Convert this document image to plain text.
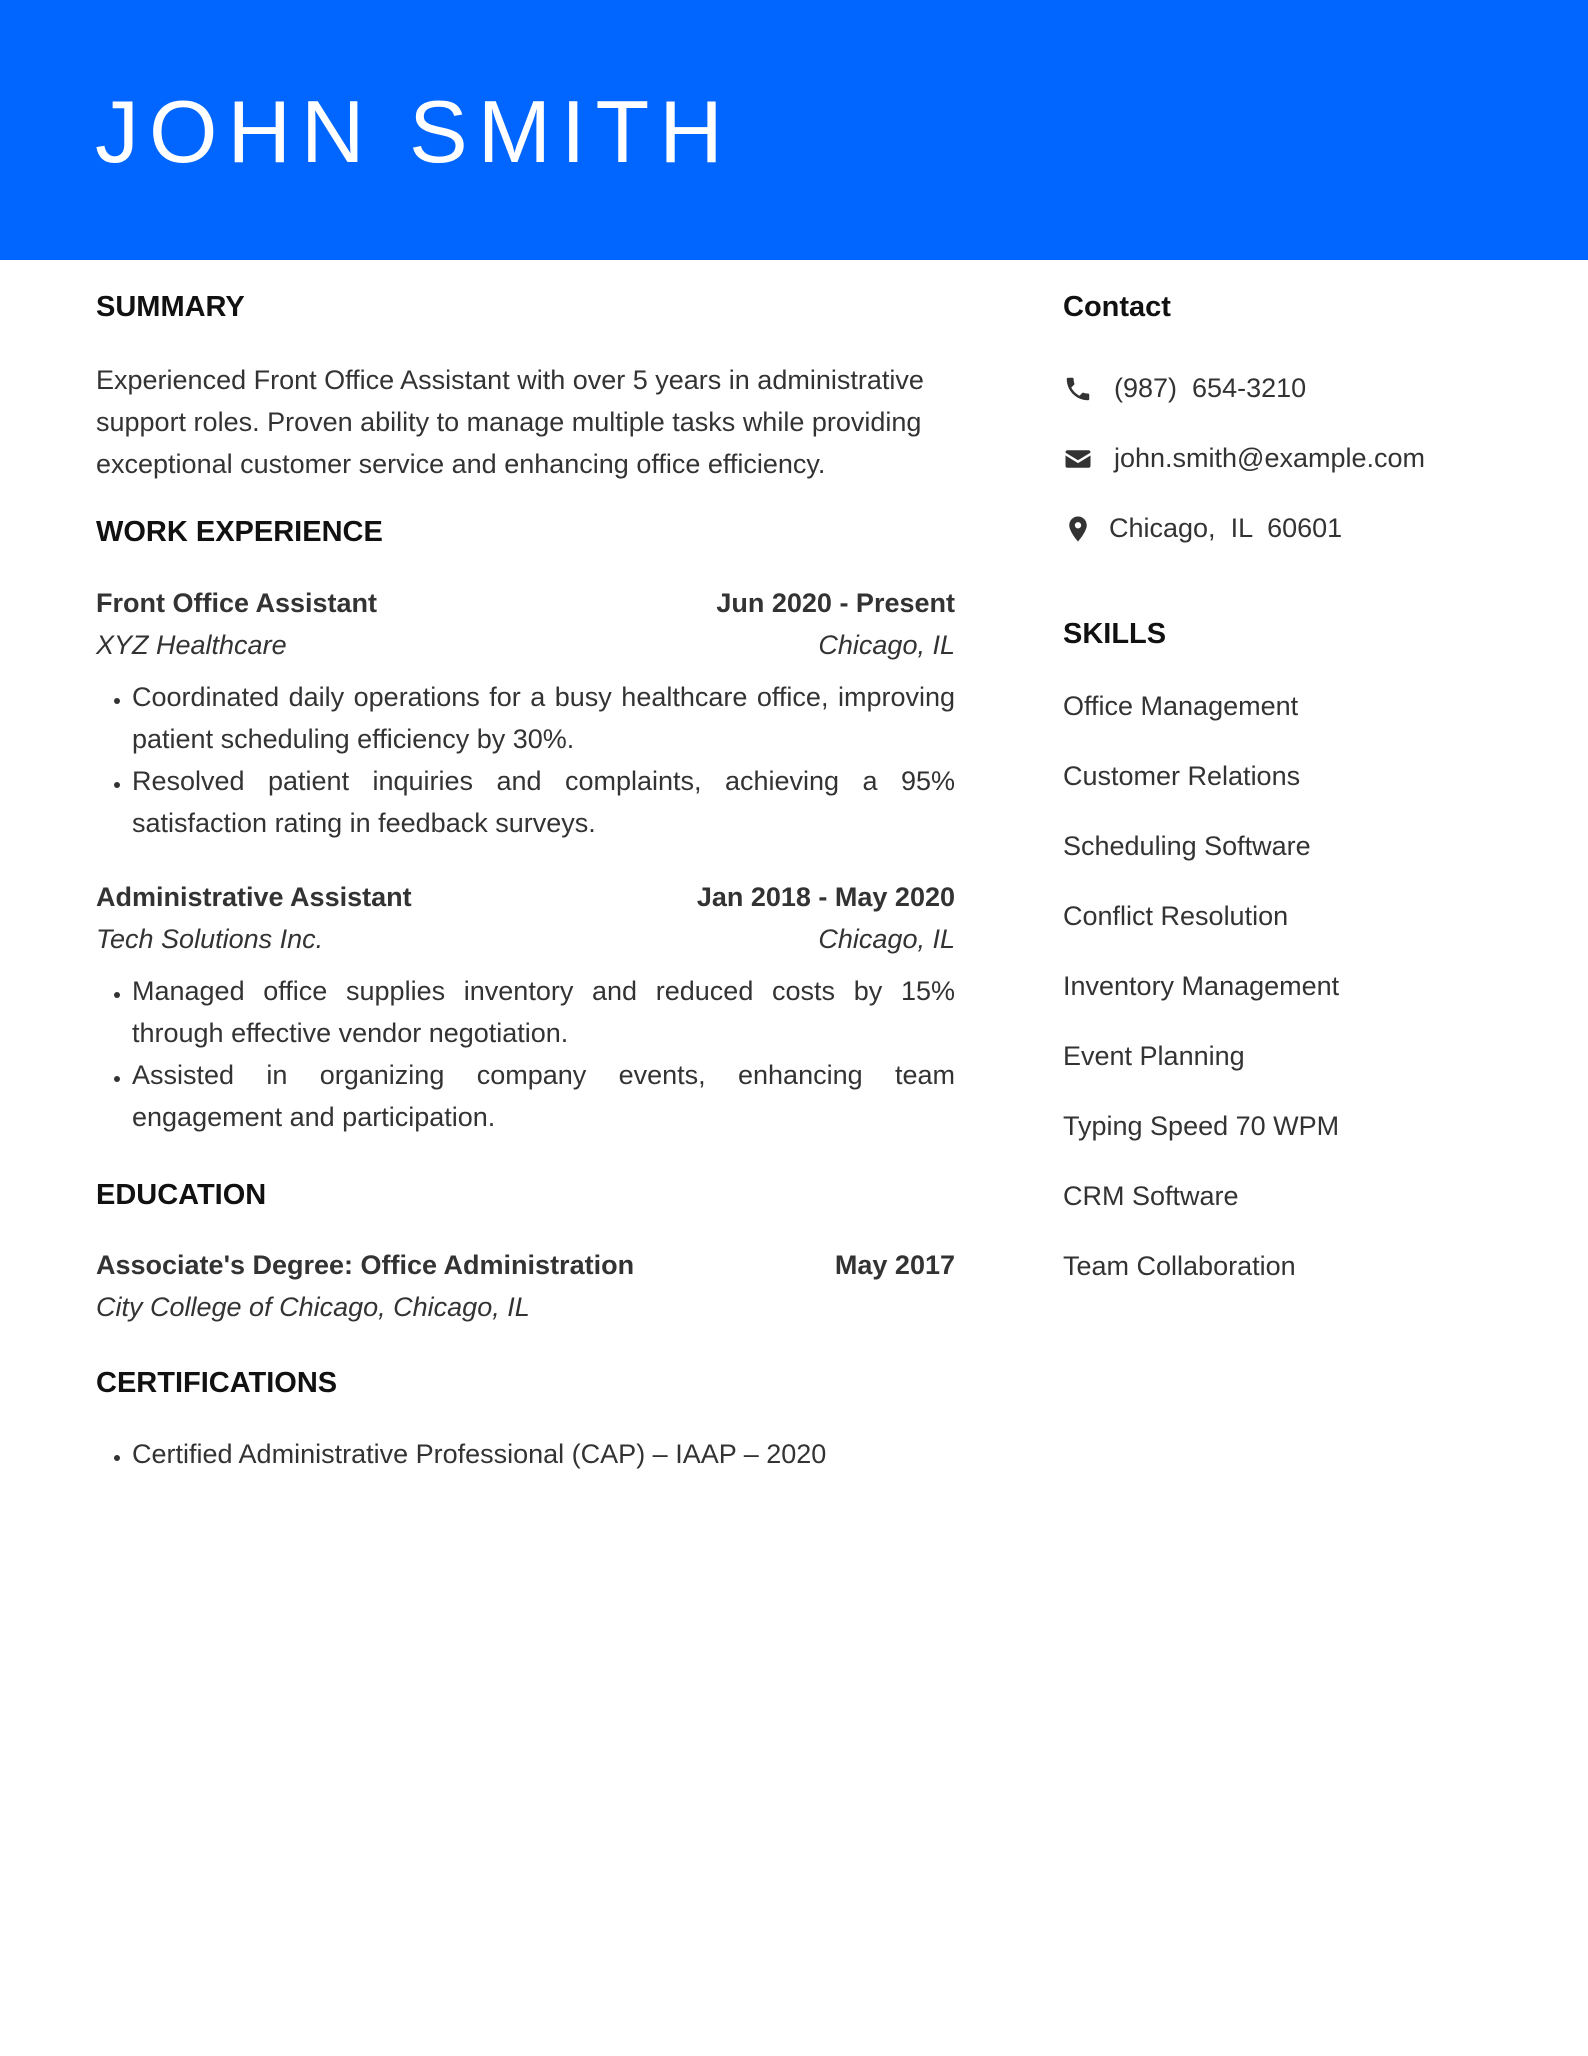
JOHN SMITH
SUMMARY

Experienced Front Office Assistant with over 5 years in administrative support roles. Proven ability to manage multiple tasks while providing exceptional customer service and enhancing office efficiency.

WORK EXPERIENCE
Front Office Assistant	Jun 2020 - Present
XYZ Healthcare	Chicago, IL
• Coordinated daily operations for a busy healthcare office, improving patient scheduling efficiency by 30%.
• Resolved patient inquiries and complaints, achieving a 95% satisfaction rating in feedback surveys.
Administrative Assistant	Jan 2018 - May 2020
Tech Solutions Inc.	Chicago, IL
• Managed office supplies inventory and reduced costs by 15% through effective vendor negotiation.
• Assisted in organizing company events, enhancing team engagement and participation.
EDUCATION
Associate's Degree: Office Administration	May 2017
City College of Chicago, Chicago, IL
CERTIFICATIONS
• Certified Administrative Professional (CAP) – IAAP – 2020
Contact
(987)  654-3210
john.smith@example.com
Chicago,  IL  60601
SKILLS
Office Management
Customer Relations
Scheduling Software
Conflict Resolution
Inventory Management
Event Planning
Typing Speed 70 WPM
CRM Software
Team Collaboration
